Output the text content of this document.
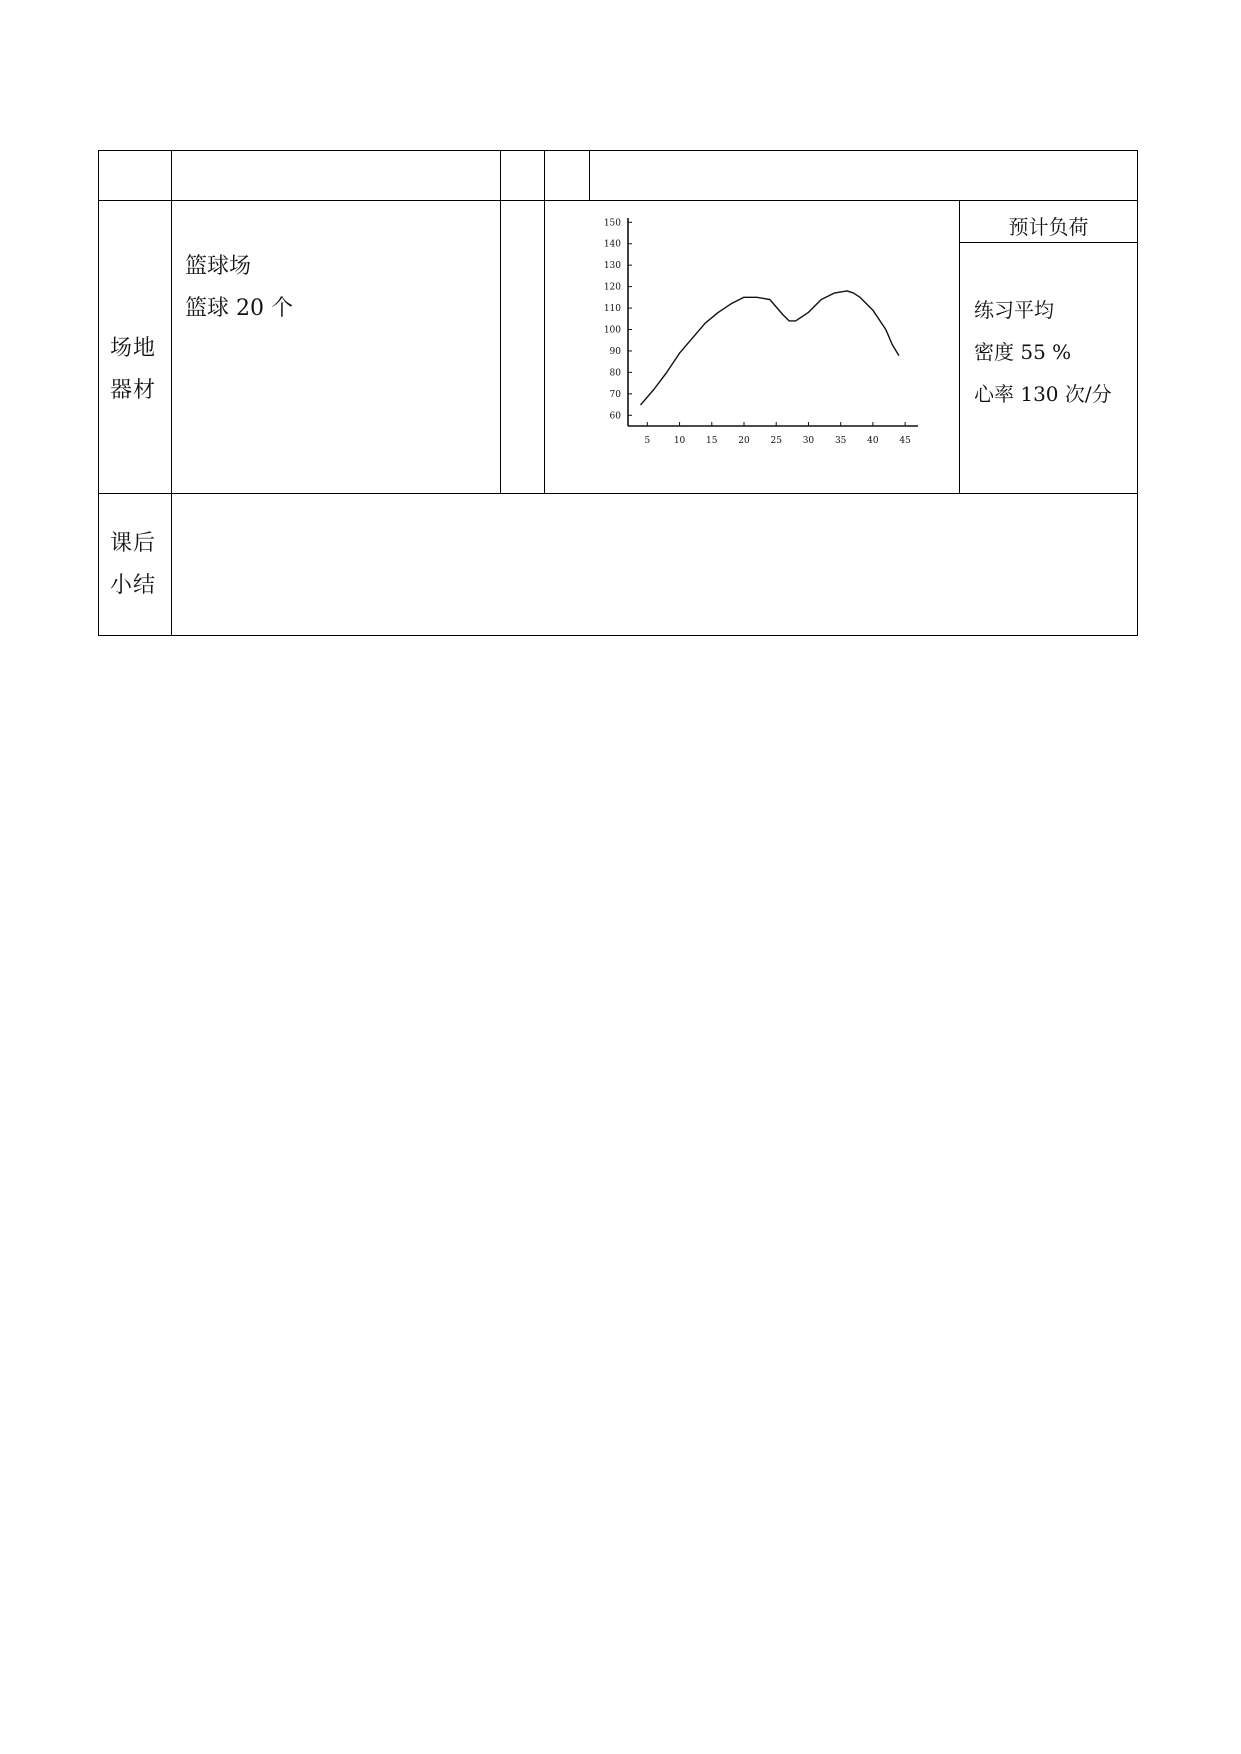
场地
器材
篮球场
篮球 20 个
60
70
80
90
100
110
120
130
140
150
5	10 15 20 25 30 35 40 45
预计负荷
练习平均
密度 55 %
心率 130 次/分
课后
小结
